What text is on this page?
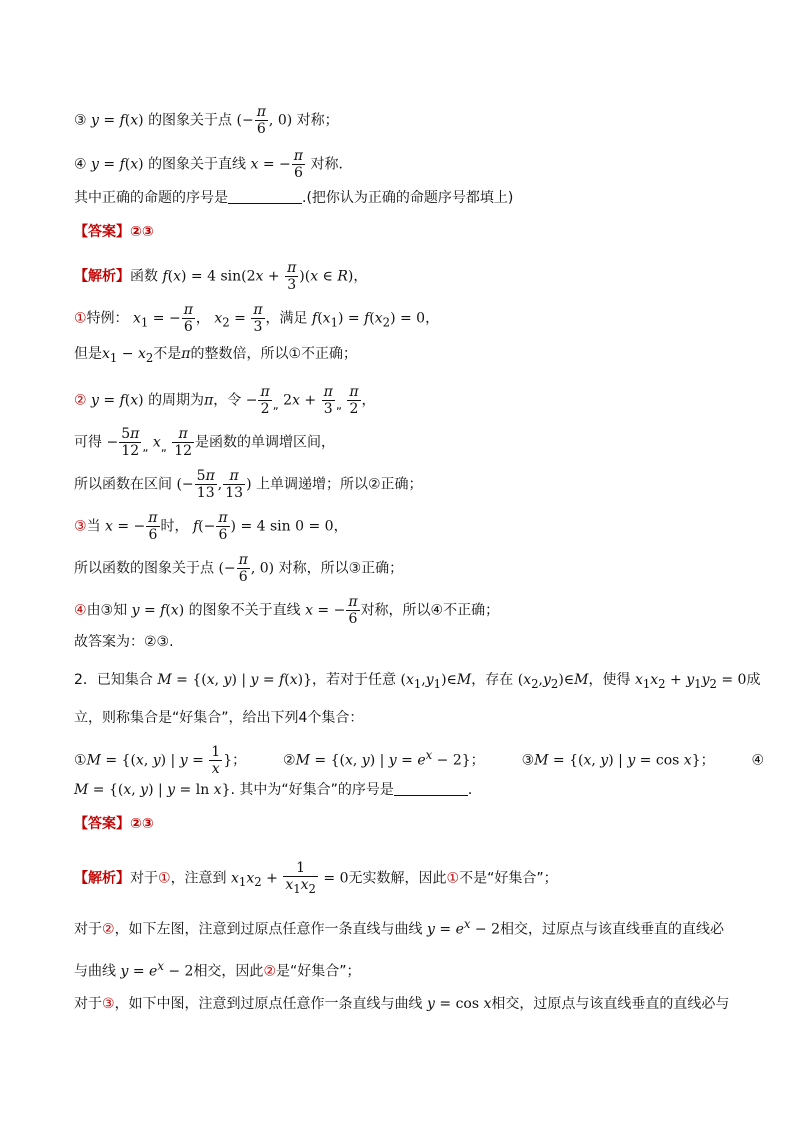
③ y = f(x) 的图象关于点 (− $\frac{\pi}{6}$ , 0) 对称；
④ y = f(x) 的图象关于直线 x = − $\frac{\pi}{6}$ 对称．
其中正确的命题的序号是	.(把你认为正确的命题序号都填上)
【答案】②③
【解析】函数 f(x) = 4 $\sin(2x + \frac{\pi}{3} )(x$ ∈ R)，
①特例： $x_1$ = − $\frac{\pi}{6}$ ， $x_2 = \frac{\pi}{3}$ ，满足 $f(x_1) = f(x_2) = 0$，
但是$x_1 - x_2$不是π的整数倍，所以①不正确；
② y = f(x) 的周期为π，令 − $\frac{\pi}{2} _„$ $2x + \frac{\pi}{3} _„ \frac{\pi}{2}$ ，
可得 − $\frac{5\pi}{12} _„$ $x_„ \frac{\pi}{12}$ 是函数的单调增区间，
所以函数在区间 (− $\frac{5\pi}{13}$ , $\frac{\pi}{13}$ ) 上单调递增；所以②正确；
③当 x = − $\frac{\pi}{6}$ 时， $f(- \frac{\pi}{6}$ ) = 4 sin 0 = 0，
所以函数的图象关于点 (− $\frac{\pi}{6}$ , 0) 对称，所以③正确；
④由③知 y = f(x) 的图象不关于直线 x = − $\frac{\pi}{6}$ 对称，所以④不正确；
故答案为：②③.
2．已知集合 M = {(x, y) | y = f(x)}，若对于任意 $(x_1,y_1)\in M$，存在 $(x_2,y_2)\in M$，使得 $x_1x_2 + y_1y_2 = 0$成
立，则称集合是“好集合”，给出下列4个集合：
①M = {(x, y) | $y = \frac{1}{x}$ }；  ②M = {(x, y) | $y = e^x - 2$}；  ③M = {(x, y) | y = cos x}；  ④
M = {(x, y) | y = ln x}. 其中为“好集合”的序号是	．
【答案】②③
【解析】对于①，注意到 $x_1x_2 + \frac{1}{x_1x_2} = 0$无实数解，因此①不是“好集合”；
对于②，如下左图，注意到过原点任意作一条直线与曲线 $y = e^x - 2$相交，过原点与该直线垂直的直线必
与曲线 $y = e^x - 2$相交，因此②是“好集合”；
对于③，如下中图，注意到过原点任意作一条直线与曲线 y = cos x相交，过原点与该直线垂直的直线必与
